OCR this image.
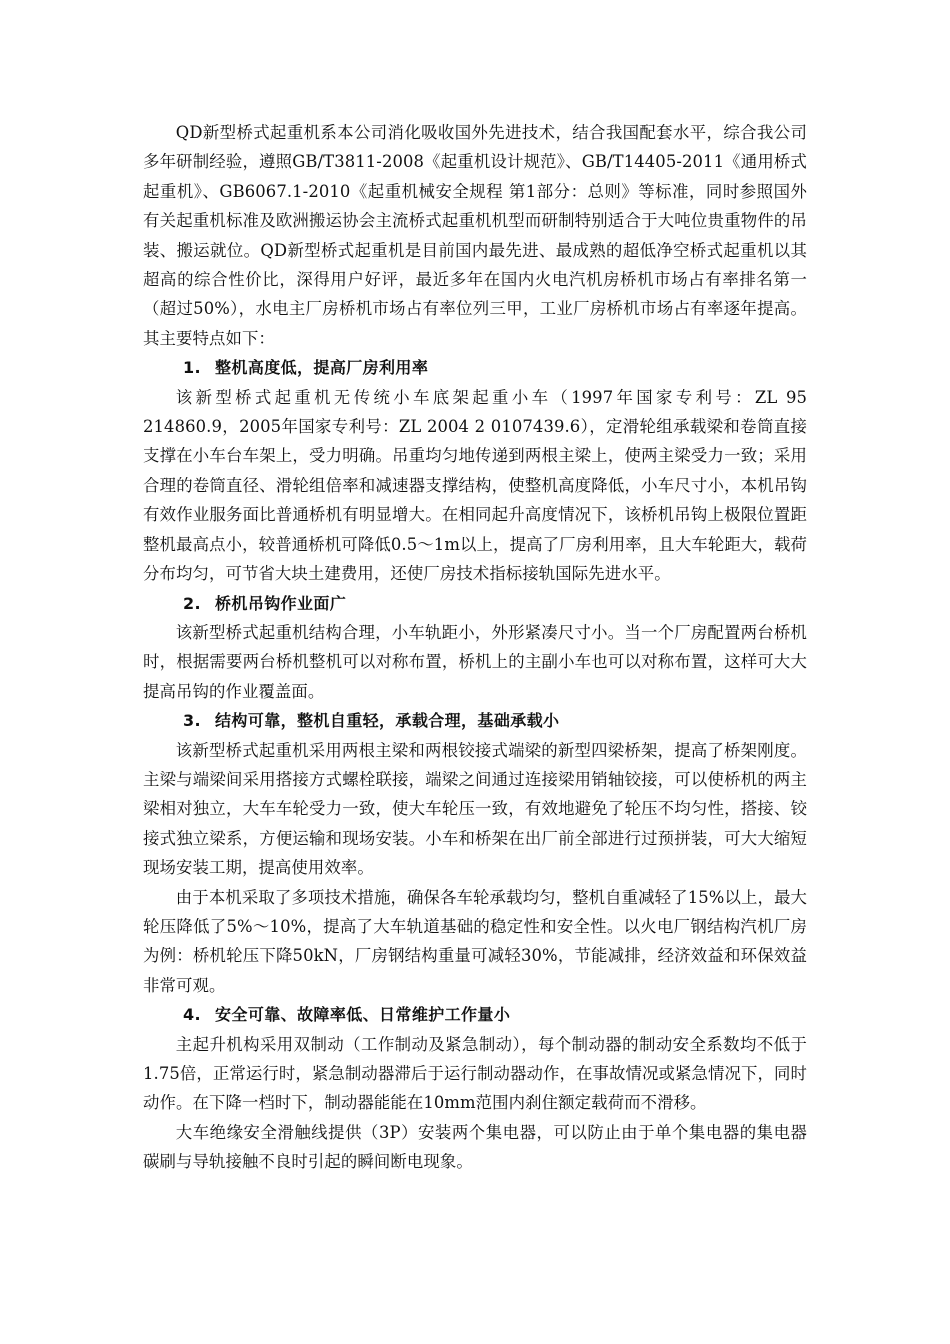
QD新型桥式起重机系本公司消化吸收国外先进技术，结合我国配套水平，综合我公司多年研制经验，遵照GB/T3811-2008《起重机设计规范》、GB/T14405-2011《通用桥式起重机》、GB6067.1-2010《起重机械安全规程 第1部分：总则》等标准，同时参照国外有关起重机标准及欧洲搬运协会主流桥式起重机机型而研制特别适合于大吨位贵重物件的吊装、搬运就位。QD新型桥式起重机是目前国内最先进、最成熟的超低净空桥式起重机以其超高的综合性价比，深得用户好评，最近多年在国内火电汽机房桥机市场占有率排名第一（超过50%），水电主厂房桥机市场占有率位列三甲，工业厂房桥机市场占有率逐年提高。其主要特点如下：

1. 整机高度低，提高厂房利用率

该新型桥式起重机无传统小车底架起重小车（1997年国家专利号：ZL 95 214860.9，2005年国家专利号：ZL 2004 2 0107439.6），定滑轮组承载梁和卷筒直接支撑在小车台车架上，受力明确。吊重均匀地传递到两根主梁上，使两主梁受力一致；采用合理的卷筒直径、滑轮组倍率和减速器支撑结构，使整机高度降低，小车尺寸小，本机吊钩有效作业服务面比普通桥机有明显增大。在相同起升高度情况下，该桥机吊钩上极限位置距整机最高点小，较普通桥机可降低0.5～1m以上，提高了厂房利用率，且大车轮距大，载荷分布均匀，可节省大块土建费用，还使厂房技术指标接轨国际先进水平。

2. 桥机吊钩作业面广

该新型桥式起重机结构合理，小车轨距小，外形紧凑尺寸小。当一个厂房配置两台桥机时，根据需要两台桥机整机可以对称布置，桥机上的主副小车也可以对称布置，这样可大大提高吊钩的作业覆盖面。

3. 结构可靠，整机自重轻，承载合理，基础承载小

该新型桥式起重机采用两根主梁和两根铰接式端梁的新型四梁桥架，提高了桥架刚度。主梁与端梁间采用搭接方式螺栓联接，端梁之间通过连接梁用销轴铰接，可以使桥机的两主梁相对独立，大车车轮受力一致，使大车轮压一致，有效地避免了轮压不均匀性，搭接、铰接式独立梁系，方便运输和现场安装。小车和桥架在出厂前全部进行过预拼装，可大大缩短现场安装工期，提高使用效率。

由于本机采取了多项技术措施，确保各车轮承载均匀，整机自重减轻了15%以上，最大轮压降低了5%～10%，提高了大车轨道基础的稳定性和安全性。以火电厂钢结构汽机厂房为例：桥机轮压下降50kN，厂房钢结构重量可减轻30%，节能减排，经济效益和环保效益非常可观。

4. 安全可靠、故障率低、日常维护工作量小

主起升机构采用双制动（工作制动及紧急制动），每个制动器的制动安全系数均不低于1.75倍，正常运行时，紧急制动器滞后于运行制动器动作，在事故情况或紧急情况下，同时动作。在下降一档时下，制动器能能在10mm范围内刹住额定载荷而不滑移。

大车绝缘安全滑触线提供（3P）安装两个集电器，可以防止由于单个集电器的集电器碳刷与导轨接触不良时引起的瞬间断电现象。
